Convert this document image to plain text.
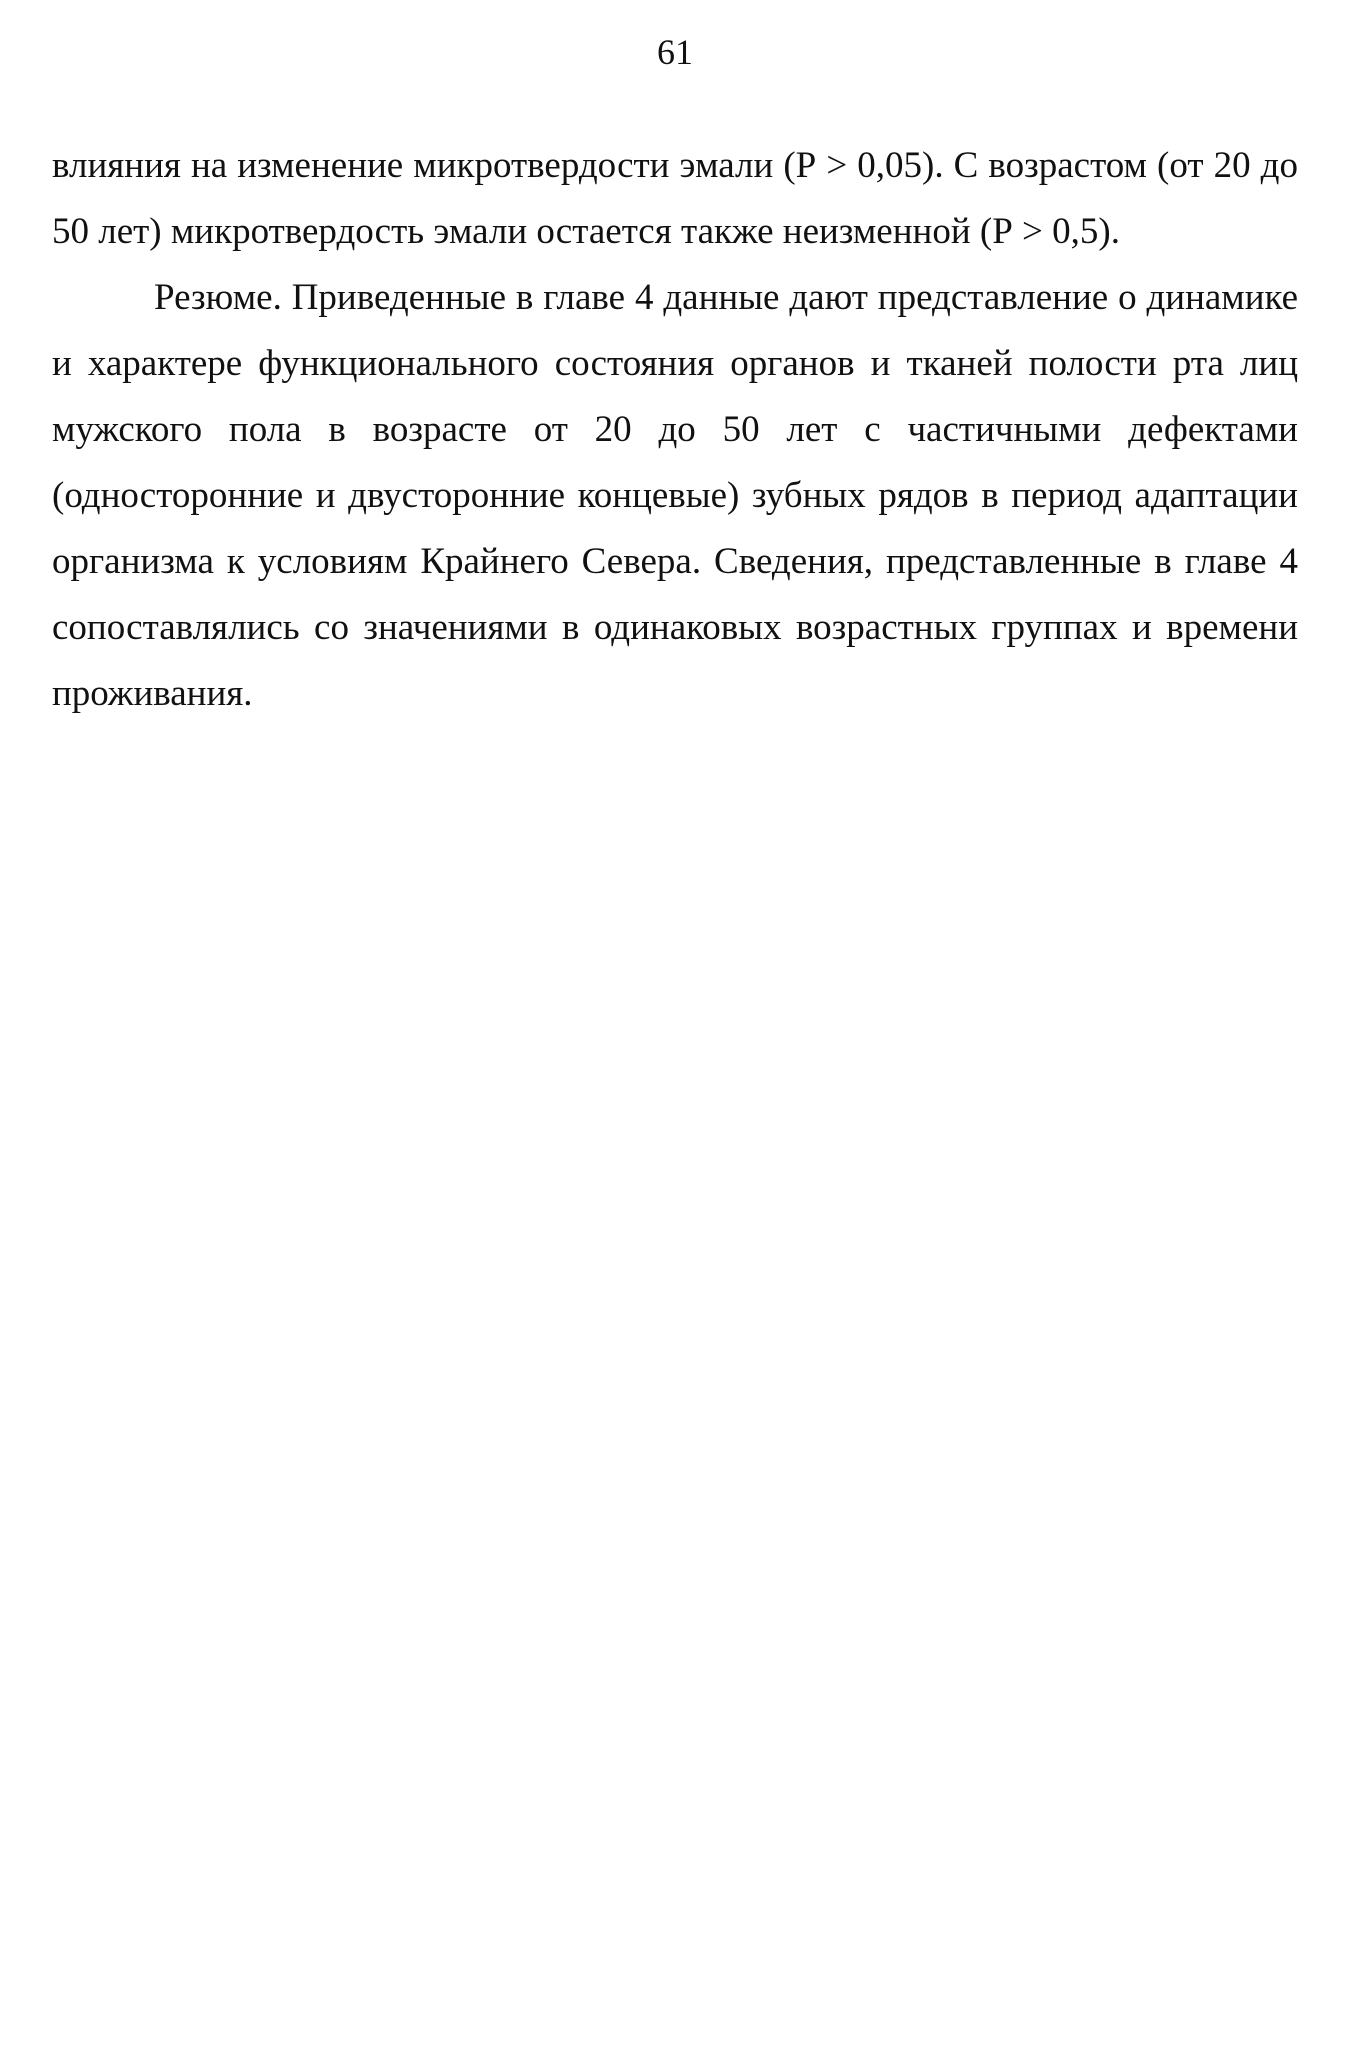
61
влияния на изменение микротвердости эмали (Р > 0,05). С возрастом (от 20 до
50 лет) микротвердость эмали остается также неизменной (Р > 0,5).
Резюме. Приведенные в главе 4 данные дают представление о динамике
и характере функционального состояния органов и тканей полости рта лиц
мужского пола в возрасте от 20 до 50 лет с частичными дефектами
(односторонние и двусторонние концевые) зубных рядов в период адаптации
организма к условиям Крайнего Севера. Сведения, представленные в главе 4
сопоставлялись со значениями в одинаковых возрастных группах и времени
проживания.
